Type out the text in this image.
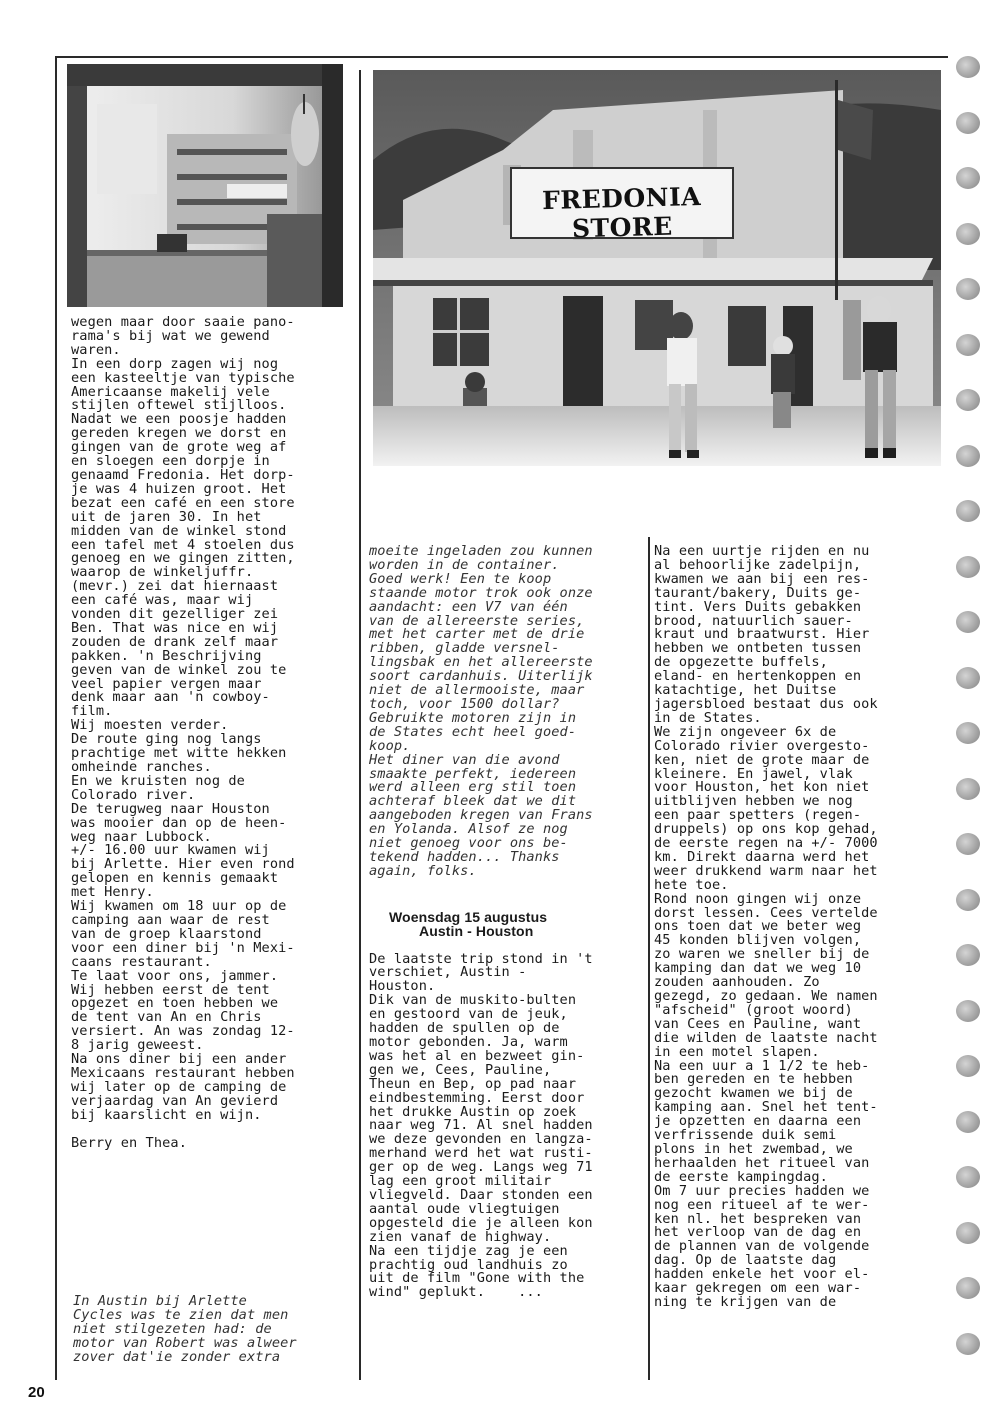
FREDONIA STORE

wegen maar door saaie pano-

rama's bij wat we gewend

waren.

In een dorp zagen wij nog

een kasteeltje van typische

Americaanse makelij vele

stijlen oftewel stijlloos.

Nadat we een poosje hadden

gereden kregen we dorst en

gingen van de grote weg af

en sloegen een dorpje in

genaamd Fredonia. Het dorp-

je was 4 huizen groot. Het

bezat een café en een store

uit de jaren 30. In het

midden van de winkel stond

een tafel met 4 stoelen dus

genoeg en we gingen zitten,

waarop de winkeljuffr.

(mevr.) zei dat hiernaast

een café was, maar wij

vonden dit gezelliger zei

Ben. That was nice en wij

zouden de drank zelf maar

pakken. 'n Beschrijving

geven van de winkel zou te

veel papier vergen maar

denk maar aan 'n cowboy-

film.

Wij moesten verder.

De route ging nog langs

prachtige met witte hekken

omheinde ranches.

En we kruisten nog de

Colorado river.

De terugweg naar Houston

was mooier dan op de heen-

weg naar Lubbock.

+/- 16.00 uur kwamen wij

bij Arlette. Hier even rond

gelopen en kennis gemaakt

met Henry.

Wij kwamen om 18 uur op de

camping aan waar de rest

van de groep klaarstond

voor een diner bij 'n Mexi-

caans restaurant.

Te laat voor ons, jammer.

Wij hebben eerst de tent

opgezet en toen hebben we

de tent van An en Chris

versiert. An was zondag 12-

8 jarig geweest.

Na ons diner bij een ander

Mexicaans restaurant hebben

wij later op de camping de

verjaardag van An gevierd

bij kaarslicht en wijn.

Berry en Thea.

In Austin bij Arlette

Cycles was te zien dat men

niet stilgezeten had: de

motor van Robert was alweer

zover dat'ie zonder extra

moeite ingeladen zou kunnen

worden in de container.

Goed werk! Een te koop

staande motor trok ook onze

aandacht: een V7 van één

van de allereerste series,

met het carter met de drie

ribben, gladde versnel-

lingsbak en het allereerste

soort cardanhuis. Uiterlijk

niet de allermooiste, maar

toch, voor 1500 dollar?

Gebruikte motoren zijn in

de States echt heel goed-

koop.

Het diner van die avond

smaakte perfekt, iedereen

werd alleen erg stil toen

achteraf bleek dat we dit

aangeboden kregen van Frans

en Yolanda. Alsof ze nog

niet genoeg voor ons be-

tekend hadden... Thanks

again, folks.

Woensdag 15 augustus

Austin - Houston

De laatste trip stond in 't

verschiet, Austin -

Houston.

Dik van de muskito-bulten

en gestoord van de jeuk,

hadden de spullen op de

motor gebonden. Ja, warm

was het al en bezweet gin-

gen we, Cees, Pauline,

Theun en Bep, op pad naar

eindbestemming. Eerst door

het drukke Austin op zoek

naar weg 71. Al snel hadden

we deze gevonden en langza-

merhand werd het wat rusti-

ger op de weg. Langs weg 71

lag een groot militair

vliegveld. Daar stonden een

aantal oude vliegtuigen

opgesteld die je alleen kon

zien vanaf de highway.

Na een tijdje zag je een

prachtig oud landhuis zo

uit de film "Gone with the

wind" geplukt.    ...

Na een uurtje rijden en nu

al behoorlijke zadelpijn,

kwamen we aan bij een res-

taurant/bakery, Duits ge-

tint. Vers Duits gebakken

brood, natuurlich sauer-

kraut und braatwurst. Hier

hebben we ontbeten tussen

de opgezette buffels,

eland- en hertenkoppen en

katachtige, het Duitse

jagersbloed bestaat dus ook

in de States.

We zijn ongeveer 6x de

Colorado rivier overgesto-

ken, niet de grote maar de

kleinere. En jawel, vlak

voor Houston, het kon niet

uitblijven hebben we nog

een paar spetters (regen-

druppels) op ons kop gehad,

de eerste regen na +/- 7000

km. Direkt daarna werd het

weer drukkend warm naar het

hete toe.

Rond noon gingen wij onze

dorst lessen. Cees vertelde

ons toen dat we beter weg

45 konden blijven volgen,

zo waren we sneller bij de

kamping dan dat we weg 10

zouden aanhouden. Zo

gezegd, zo gedaan. We namen

"afscheid" (groot woord)

van Cees en Pauline, want

die wilden de laatste nacht

in een motel slapen.

Na een uur a 1 1/2 te heb-

ben gereden en te hebben

gezocht kwamen we bij de

kamping aan. Snel het tent-

je opzetten en daarna een

verfrissende duik semi

plons in het zwembad, we

herhaalden het ritueel van

de eerste kampingdag.

Om 7 uur precies hadden we

nog een ritueel af te wer-

ken nl. het bespreken van

het verloop van de dag en

de plannen van de volgende

dag. Op de laatste dag

hadden enkele het voor el-

kaar gekregen om een war-

ning te krijgen van de

20
